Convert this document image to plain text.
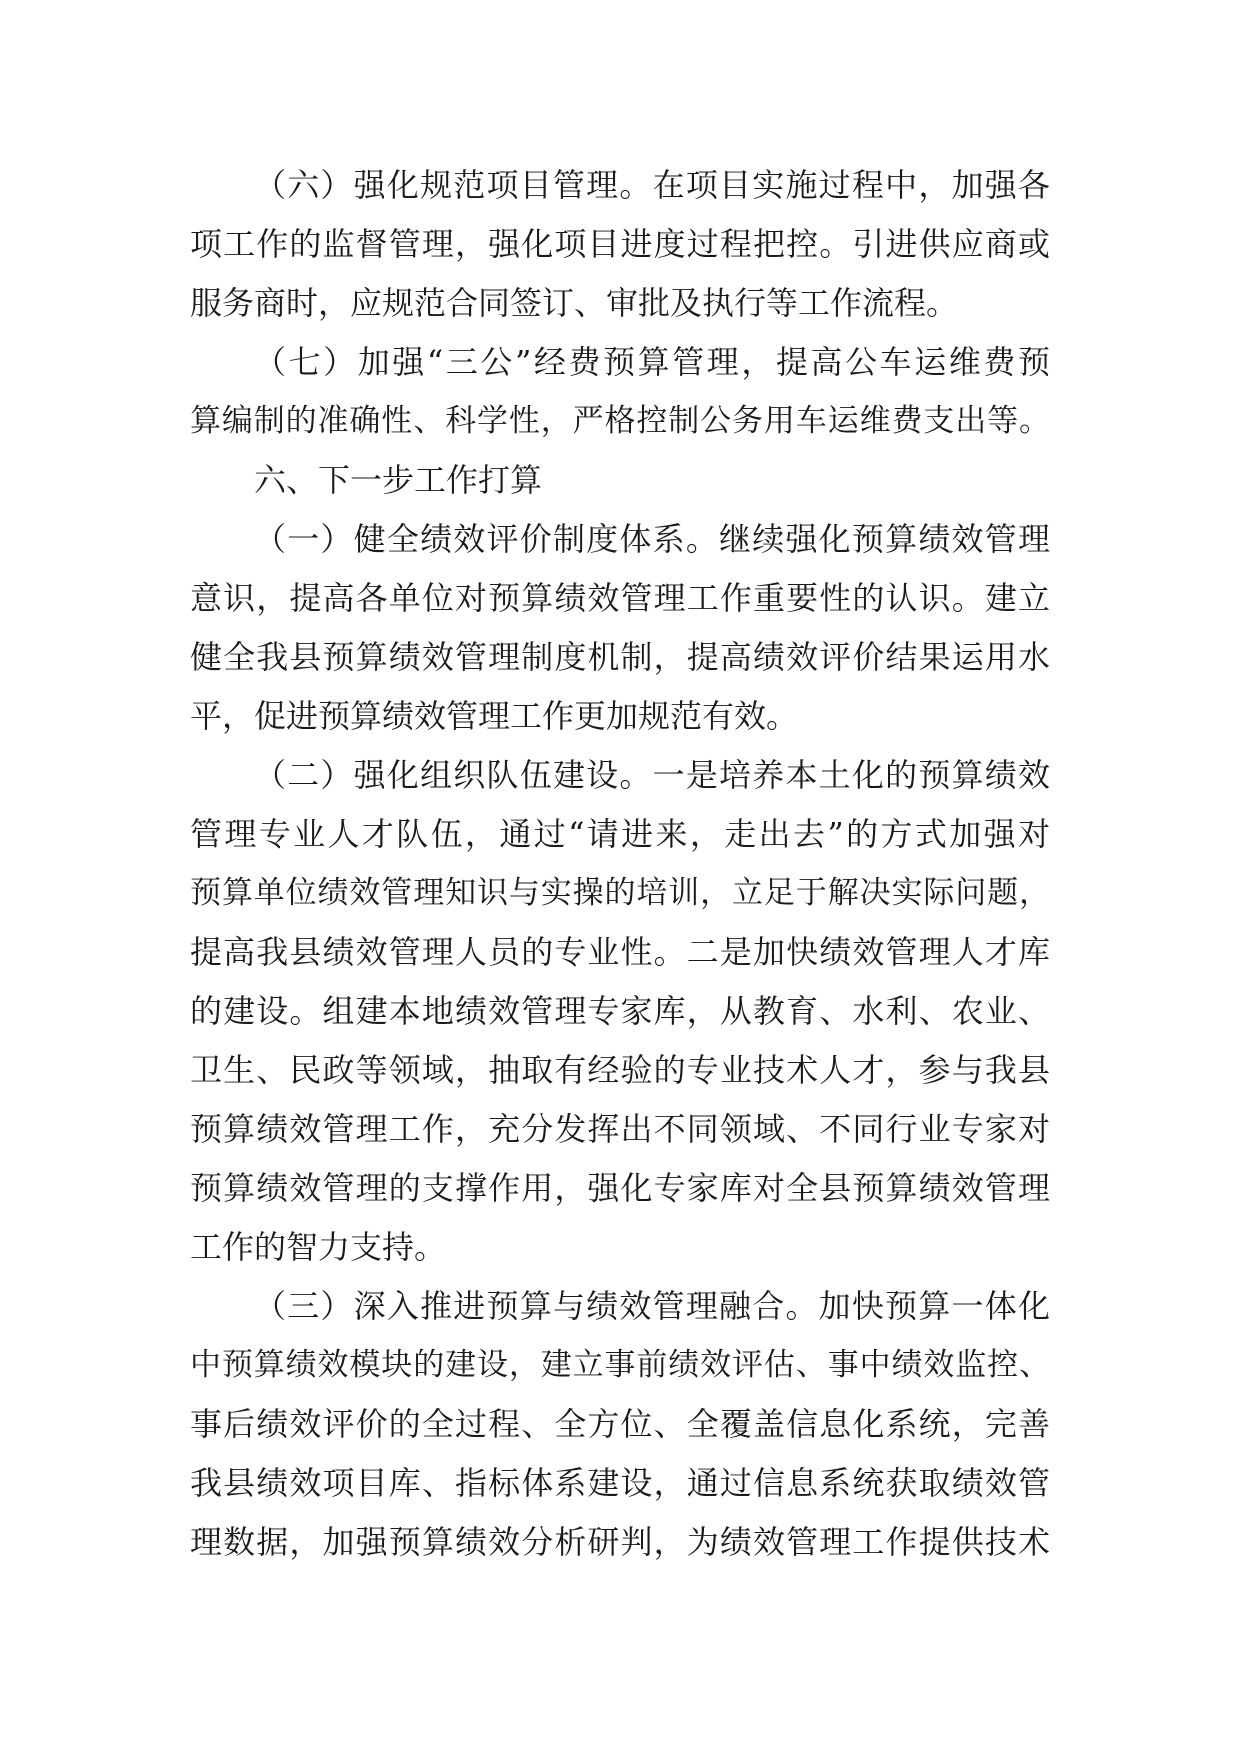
（六）强化规范项目管理。在项目实施过程中，加强各
项工作的监督管理，强化项目进度过程把控。引进供应商或
服务商时，应规范合同签订、审批及执行等工作流程。
（七）加强“三公”经费预算管理，提高公车运维费预
算编制的准确性、科学性，严格控制公务用车运维费支出等。
六、下一步工作打算
（一）健全绩效评价制度体系。继续强化预算绩效管理
意识，提高各单位对预算绩效管理工作重要性的认识。建立
健全我县预算绩效管理制度机制，提高绩效评价结果运用水
平，促进预算绩效管理工作更加规范有效。
（二）强化组织队伍建设。一是培养本土化的预算绩效
管理专业人才队伍，通过“请进来，走出去”的方式加强对
预算单位绩效管理知识与实操的培训，立足于解决实际问题，
提高我县绩效管理人员的专业性。二是加快绩效管理人才库
的建设。组建本地绩效管理专家库，从教育、水利、农业、
卫生、民政等领域，抽取有经验的专业技术人才，参与我县
预算绩效管理工作，充分发挥出不同领域、不同行业专家对
预算绩效管理的支撑作用，强化专家库对全县预算绩效管理
工作的智力支持。
（三）深入推进预算与绩效管理融合。加快预算一体化
中预算绩效模块的建设，建立事前绩效评估、事中绩效监控、
事后绩效评价的全过程、全方位、全覆盖信息化系统，完善
我县绩效项目库、指标体系建设，通过信息系统获取绩效管
理数据，加强预算绩效分析研判，为绩效管理工作提供技术
